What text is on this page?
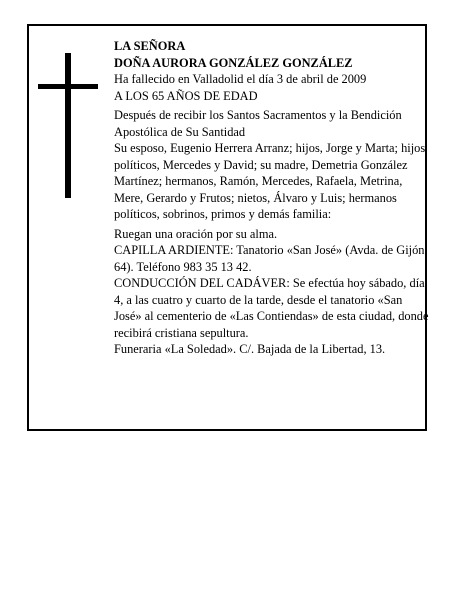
LA SEÑORA

DOÑA AURORA GONZÁLEZ GONZÁLEZ

Ha fallecido en Valladolid el día 3 de abril de 2009

A LOS 65 AÑOS DE EDAD

Después de recibir los Santos Sacramentos y la Bendición Apostólica de Su Santidad

Su esposo, Eugenio Herrera Arranz; hijos, Jorge y Marta; hijos políticos, Mercedes y David; su madre, Demetria González Martínez; hermanos, Ramón, Mercedes, Rafaela, Metrina, Mere, Gerardo y Frutos; nietos, Álvaro y Luis; hermanos políticos, sobrinos, primos y demás familia:

Ruegan una oración por su alma.

CAPILLA ARDIENTE: Tanatorio «San José» (Avda. de Gijón, 64). Teléfono 983 35 13 42.

CONDUCCIÓN DEL CADÁVER: Se efectúa hoy sábado, día 4, a las cuatro y cuarto de la tarde, desde el tanatorio «San José» al cementerio de «Las Contiendas» de esta ciudad, donde recibirá cristiana sepultura.

Funeraria «La Soledad». C/. Bajada de la Libertad, 13.
